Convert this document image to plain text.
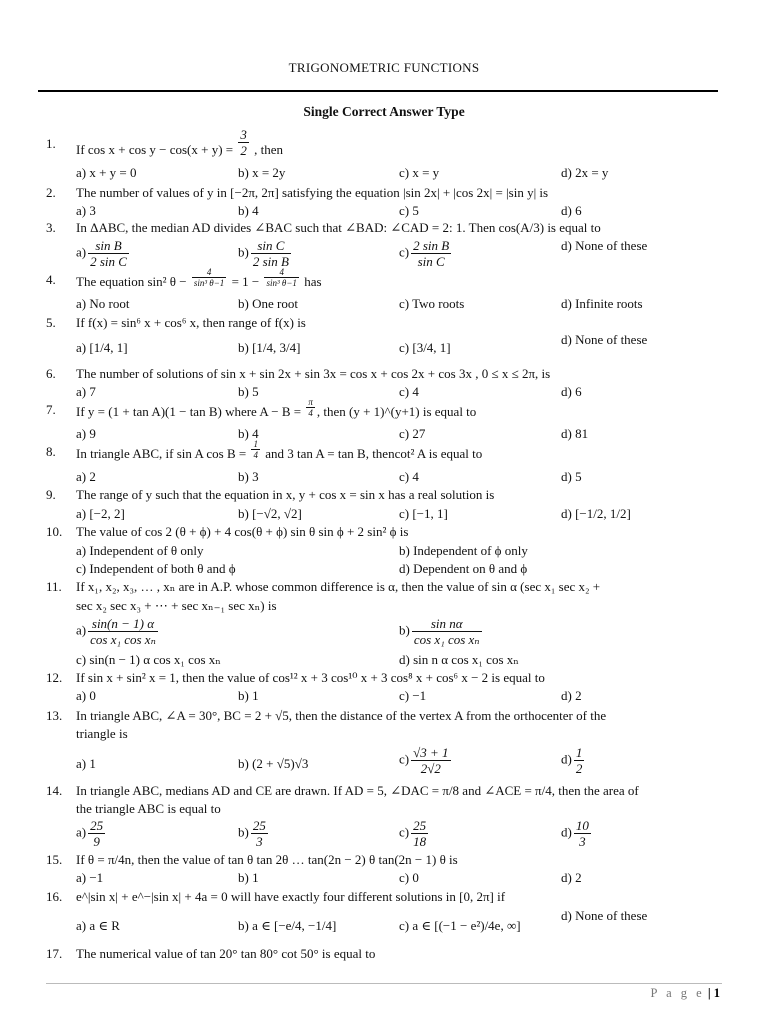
TRIGONOMETRIC FUNCTIONS
Single Correct Answer Type
1. If $\cos x + \cos y - \cos(x + y) = \frac{3}{2}$ , then
a) x + y = 0	b) x = 2y	c) x = y	d) 2x = y
2. The number of values of y in [−2π, 2π] satisfying the equation |sin 2x| + |cos 2x| = |sin y| is
a) 3	b) 4	c) 5	d) 6
3. In ΔABC, the median AD divides ∠BAC such that ∠BAD: ∠CAD = 2: 1. Then cos(A/3) is equal to
$a) \frac{\text{sin B}}{\text{2 sin C}}$	$b) \frac{\text{sin C}}{\text{2 sin B}}$	$c) \frac{\text{2 sin B}}{\text{sin C}}$	d) None of these
4. The equation sin² $\theta - \frac{4}{\text{sin³ θ−1}} = 1 - \frac{4}{\text{sin³ θ−1}}$ has
a) No root	b) One root	c) Two roots	d) Infinite roots
5. If f(x) = sin⁶ x + cos⁶ x, then range of f(x) is
a) [1/4, 1]	b) [1/4, 3/4]	c) [3/4, 1]
d) None of these
6. The number of solutions of sin x + sin 2x + sin 3x = cos x + cos 2x + cos 3x , 0 ≤ x ≤ 2π, is
a) 7	b) 5	c) 4	d) 6
7. If y = (1 + tan A)(1 − tan B) where $A - B = \frac{\pi}{4}$ , then (y + 1)^(y+1) is equal to
a) 9	b) 4	c) 27	d) 81
8. In triangle ABC, if sin A $\cos B = \frac{1}{4}$ and 3 tan A = tan B, thencot² A is equal to
a) 2	b) 3	c) 4	d) 5
9. The range of y such that the equation in x, y + cos x = sin x has a real solution is
a) [−2, 2]	b) [−√2, √2]	c) [−1, 1]	d) [−1/2, 1/2]
10. The value of cos 2 (θ + ϕ) + 4 cos(θ + ϕ) sin θ sin ϕ + 2 sin² ϕ is
a) Independent of θ only	b) Independent of ϕ only
c) Independent of both θ and ϕ	d) Dependent on θ and ϕ
11. If x₁, x₂, x₃, … , xₙ are in A.P. whose common difference is α, then the value of sin α (sec x₁ sec x₂ +
sec x₂ sec x₃ + ⋯ + sec xₙ₋₁ sec xₙ) is
$a) \frac{\sin(n - 1) \alpha}{\text{cos x₁ cos xₙ}}$	$b) \frac{\text{sin nα}}{\text{cos x₁ cos xₙ}}$
c) sin(n − 1) α cos x₁ cos xₙ	d) sin n α cos x₁ cos xₙ
12. If sin x + sin² x = 1, then the value of cos¹² x + 3 cos¹⁰ x + 3 cos⁸ x + cos⁶ x − 2 is equal to
a) 0	b) 1	c) −1	d) 2
13. In triangle ABC, ∠A = 30°, BC = 2 + √5, then the distance of the vertex A from the orthocenter of the
triangle is
a) 1	b) (2 + √5)√3	$c) \frac{√3 + 1}{2√2}$	$d) \frac{1}{2}$
14. In triangle ABC, medians AD and CE are drawn. If AD = 5, ∠DAC = π/8 and ∠ACE = π/4, then the area of
the triangle ABC is equal to
$a) \frac{25}{9}$	$b) \frac{25}{3}$	$c) \frac{25}{18}$	$d) \frac{10}{3}$
15. If θ = π/4n, then the value of tan θ tan 2θ … tan(2n − 2) θ tan(2n − 1) θ is
a) −1	b) 1	c) 0	d) 2
16. e^|sin x| + e^−|sin x| + 4a = 0 will have exactly four different solutions in [0, 2π] if
a) a ∈ R	b) a ∈ [−e/4, −1/4]	c) a ∈ [(−1 − e²)/4e, ∞]
d) None of these
17. The numerical value of tan 20° tan 80° cot 50° is equal to
P a g e | 1
